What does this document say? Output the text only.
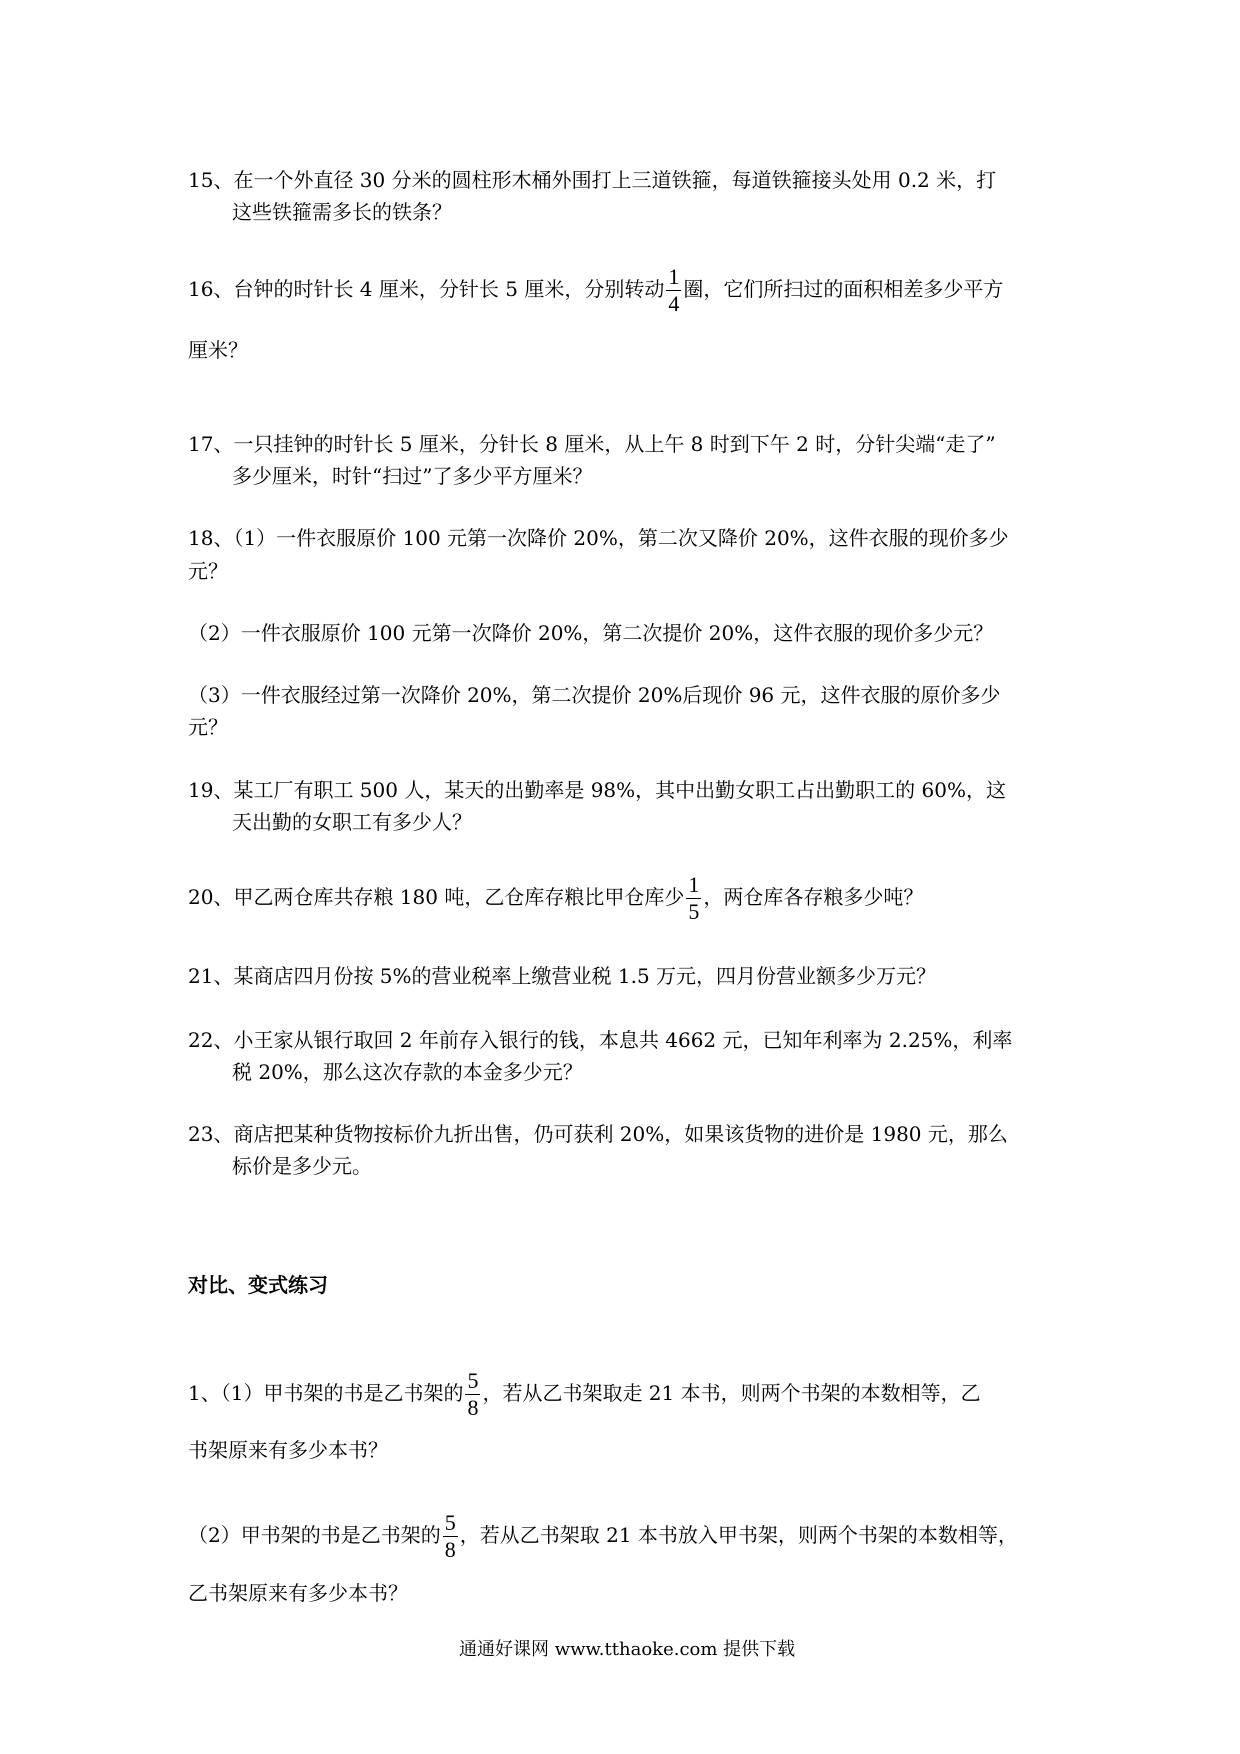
15、在一个外直径 30 分米的圆柱形木桶外围打上三道铁箍，每道铁箍接头处用 0.2 米，打
这些铁箍需多长的铁条？
16、台钟的时针长 4 厘米，分针长 5 厘米，分别转动 $\frac{1}{4}$ 圈，它们所扫过的面积相差多少平方
厘米？
17、一只挂钟的时针长 5 厘米，分针长 8 厘米，从上午 8 时到下午 2 时，分针尖端“走了”
多少厘米，时针“扫过”了多少平方厘米？
18、（1）一件衣服原价 100 元第一次降价 20%，第二次又降价 20%，这件衣服的现价多少
元？
（2）一件衣服原价 100 元第一次降价 20%，第二次提价 20%，这件衣服的现价多少元？
（3）一件衣服经过第一次降价 20%，第二次提价 20%后现价 96 元，这件衣服的原价多少
元？
19、某工厂有职工 500 人，某天的出勤率是 98%，其中出勤女职工占出勤职工的 60%，这
天出勤的女职工有多少人？
20、甲乙两仓库共存粮 180 吨，乙仓库存粮比甲仓库少 $\frac{1}{5}$ ，两仓库各存粮多少吨？
21、某商店四月份按 5%的营业税率上缴营业税 1.5 万元，四月份营业额多少万元？
22、小王家从银行取回 2 年前存入银行的钱，本息共 4662 元，已知年利率为 2.25%，利率
税 20%，那么这次存款的本金多少元？
23、商店把某种货物按标价九折出售，仍可获利 20%，如果该货物的进价是 1980 元，那么
标价是多少元。
对比、变式练习
1、（1）甲书架的书是乙书架的 $\frac{5}{8}$ ，若从乙书架取走 21 本书，则两个书架的本数相等，乙
书架原来有多少本书？
（2）甲书架的书是乙书架的 $\frac{5}{8}$ ，若从乙书架取 21 本书放入甲书架，则两个书架的本数相等，
乙书架原来有多少本书？
通通好课网 www.tthaoke.com 提供下载
